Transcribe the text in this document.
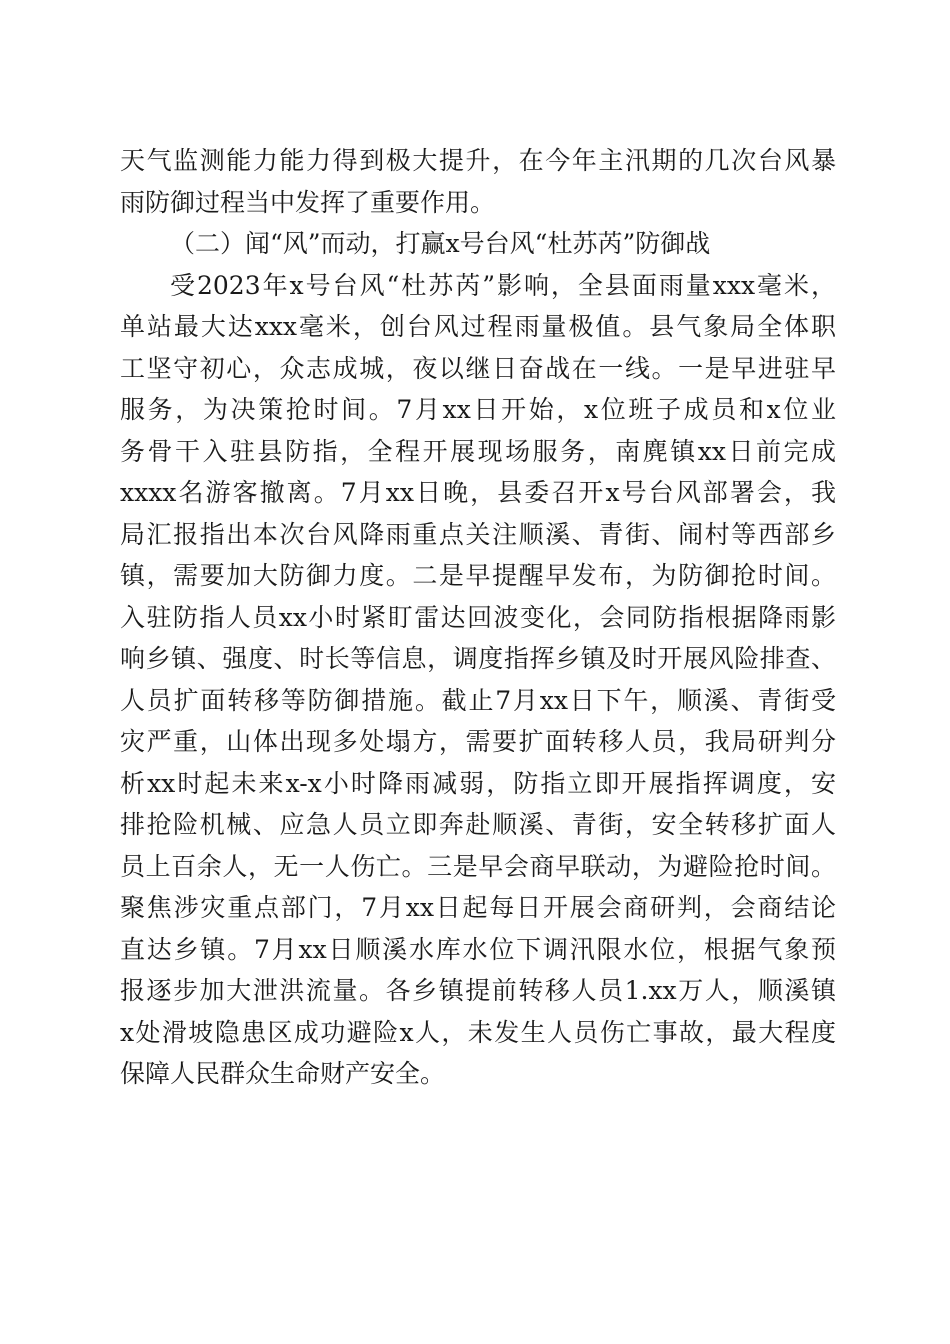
天气监测能力能力得到极大提升，在今年主汛期的几次台风暴
雨防御过程当中发挥了重要作用。
（二）闻“风”而动，打赢x号台风“杜苏芮”防御战
受2023年x号台风“杜苏芮”影响，全县面雨量xxx毫米，
单站最大达xxx毫米，创台风过程雨量极值。县气象局全体职
工坚守初心，众志成城，夜以继日奋战在一线。一是早进驻早
服务，为决策抢时间。7月xx日开始，x位班子成员和x位业
务骨干入驻县防指，全程开展现场服务，南麂镇xx日前完成
xxxx名游客撤离。7月xx日晚，县委召开x号台风部署会，我
局汇报指出本次台风降雨重点关注顺溪、青街、闹村等西部乡
镇，需要加大防御力度。二是早提醒早发布，为防御抢时间。
入驻防指人员xx小时紧盯雷达回波变化，会同防指根据降雨影
响乡镇、强度、时长等信息，调度指挥乡镇及时开展风险排查、
人员扩面转移等防御措施。截止7月xx日下午，顺溪、青街受
灾严重，山体出现多处塌方，需要扩面转移人员，我局研判分
析xx时起未来x-x小时降雨减弱，防指立即开展指挥调度，安
排抢险机械、应急人员立即奔赴顺溪、青街，安全转移扩面人
员上百余人，无一人伤亡。三是早会商早联动，为避险抢时间。
聚焦涉灾重点部门，7月xx日起每日开展会商研判，会商结论
直达乡镇。7月xx日顺溪水库水位下调汛限水位，根据气象预
报逐步加大泄洪流量。各乡镇提前转移人员1.xx万人，顺溪镇
x处滑坡隐患区成功避险x人，未发生人员伤亡事故，最大程度
保障人民群众生命财产安全。
